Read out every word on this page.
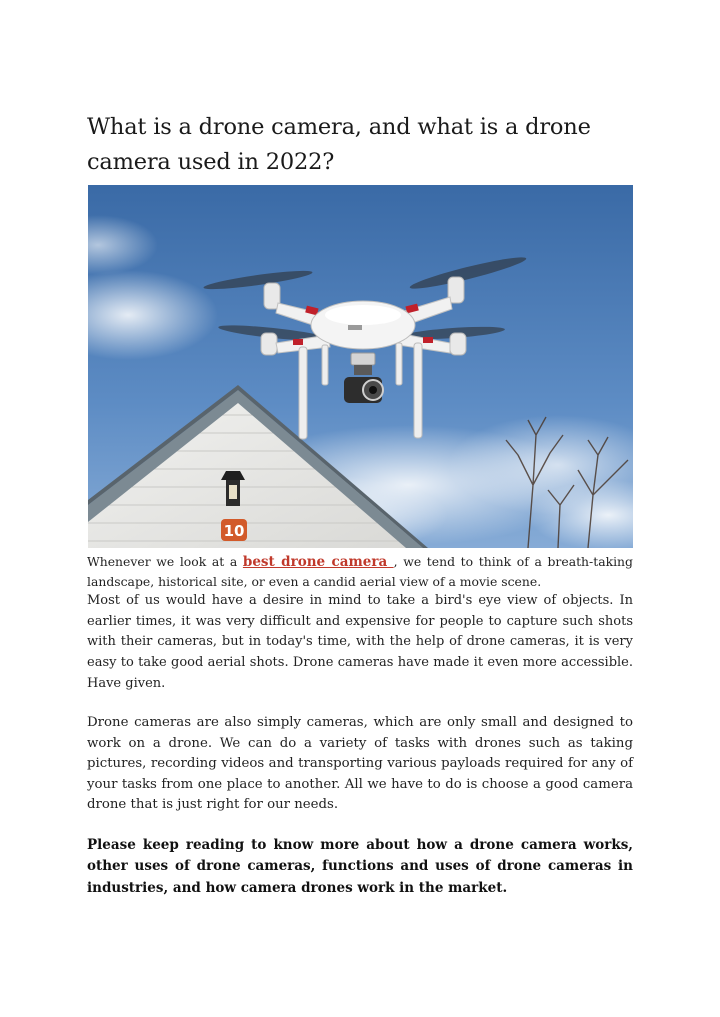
What is a drone camera, and what is a drone camera used in 2022?
10

Whenever we look at a best drone camera , we tend to think of a breath-taking landscape, historical site, or even a candid aerial view of a movie scene.

Most of us would have a desire in mind to take a bird's eye view of objects. In earlier times, it was very difficult and expensive for people to capture such shots with their cameras, but in today's time, with the help of drone cameras, it is very easy to take good aerial shots. Drone cameras have made it even more accessible. Have given.

Drone cameras are also simply cameras, which are only small and designed to work on a drone. We can do a variety of tasks with drones such as taking pictures, recording videos and transporting various payloads required for any of your tasks from one place to another. All we have to do is choose a good camera drone that is just right for our needs.

Please keep reading to know more about how a drone camera works, other uses of drone cameras, functions and uses of drone cameras in industries, and how camera drones work in the market.
